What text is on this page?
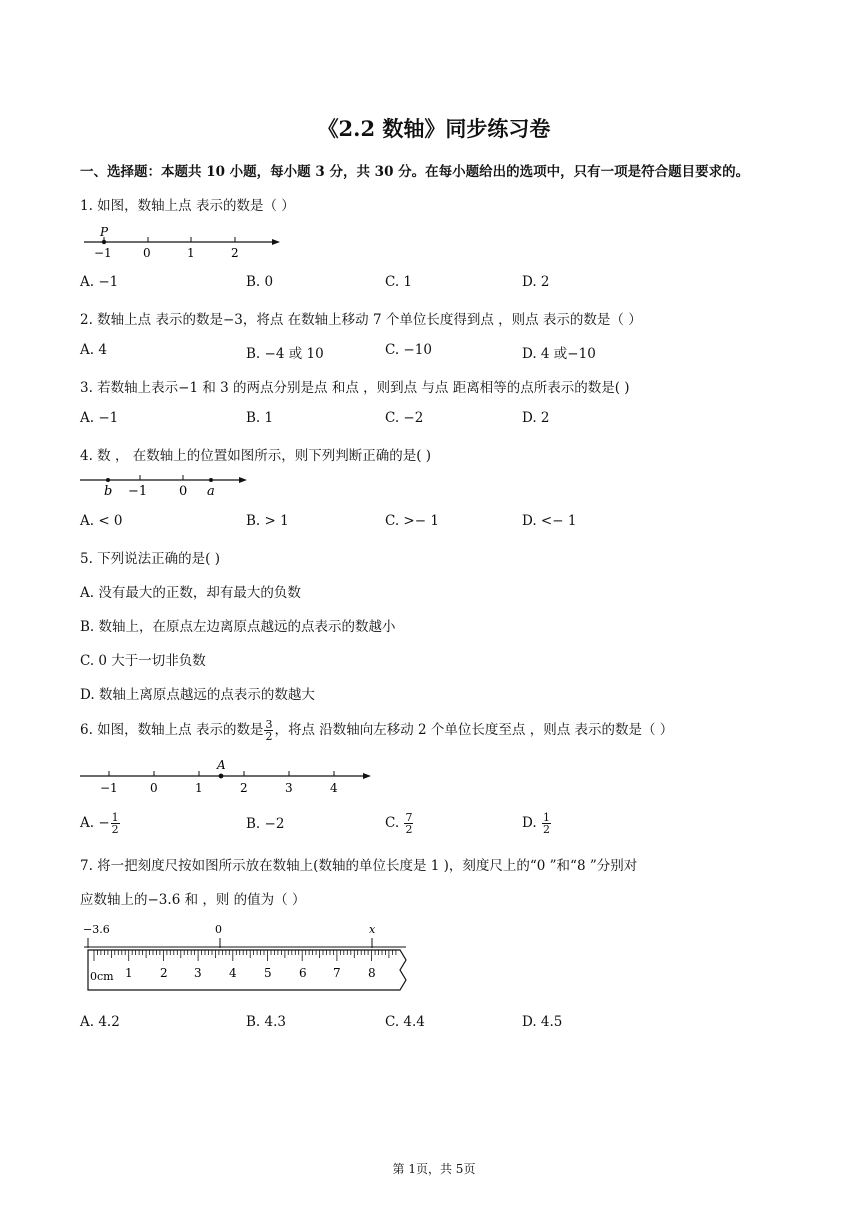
《2.2 数轴》同步练习卷
一、选择题：本题共 10 小题，每小题 3 分，共 30 分。在每小题给出的选项中，只有一项是符合题目要求的。
1. 如图，数轴上点 表示的数是（ ）
P
−1	0	1	2
A. −1	B. 0	C. 1	D. 2
2. 数轴上点 表示的数是−3，将点 在数轴上移动 7 个单位长度得到点 ，则点 表示的数是（ ）
A. 4	B. −4 或 10	C. −10	D. 4 或−10
3. 若数轴上表示−1 和 3 的两点分别是点 和点 ，则到点 与点 距离相等的点所表示的数是( )
A. −1	B. 1	C. −2	D. 2
4. 数 ， 在数轴上的位置如图所示，则下列判断正确的是( )
b −1 0 a
A. < 0	B. > 1	C. >− 1	D. <− 1
5. 下列说法正确的是( )
A. 没有最大的正数，却有最大的负数
B. 数轴上，在原点左边离原点越远的点表示的数越小
C. 0 大于一切非负数
D. 数轴上离原点越远的点表示的数越大
6. 如图，数轴上点 表示的数是 $\frac{3}{2}$ ，将点 沿数轴向左移动 2 个单位长度至点 ，则点 表示的数是（ ）
A
−1	0	1	2	3	4
A. − $\frac{1}{2}$	B. −2	C. $\frac{7}{2}$	D. $\frac{1}{2}$
7. 将一把刻度尺按如图所示放在数轴上(数轴的单位长度是 1 )，刻度尺上的“0 ”和“8 ”分别对
应数轴上的−3.6 和 ，则 的值为（ ）
−3.6	0	x
0cm 1 2 3 4 5 6 7 8
A. 4.2	B. 4.3	C. 4.4	D. 4.5
第 1页，共 5页
